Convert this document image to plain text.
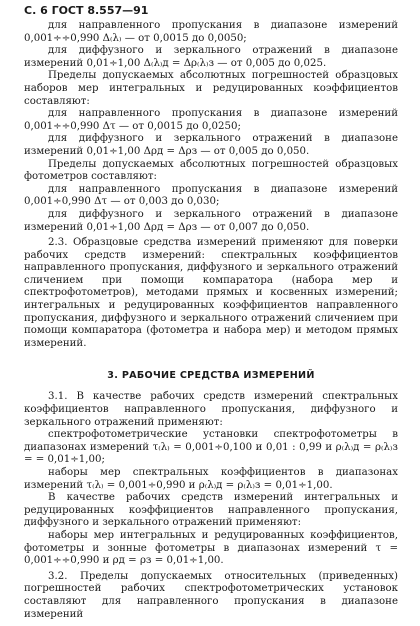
С. 6 ГОСТ 8.557—91

для направленного пропускания в диапазоне измерений 0,001÷÷0,990 Δ₍λ₎ — от 0,0015 до 0,0050;

для диффузного и зеркального отражений в диапазоне измерений 0,01÷1,00 Δ₍λ₎д = Δρ₍λ₎з — от 0,005 до 0,025.

Пределы допускаемых абсолютных погрешностей образцовых наборов мер интегральных и редуцированных коэффициентов составляют:

для направленного пропускания в диапазоне измерений 0,001÷÷0,990 Δτ — от 0,0015 до 0,0250;

для диффузного и зеркального отражений в диапазоне измерений 0,01÷1,00 Δρд = Δρз — от 0,005 до 0,050.

Пределы допускаемых абсолютных погрешностей образцовых фотометров составляют:

для направленного пропускания в диапазоне измерений 0,001÷0,990 Δτ — от 0,003 до 0,030;

для диффузного и зеркального отражений в диапазоне измерений 0,01÷1,00 Δρд = Δρз — от 0,007 до 0,050.

2.3. Образцовые средства измерений применяют для поверки рабочих средств измерений: спектральных коэффициентов направленного пропускания, диффузного и зеркального отражений сличением при помощи компаратора (набора мер и спектрофотометров), методами прямых и косвенных измерений; интегральных и редуцированных коэффициентов направленного пропускания, диффузного и зеркального отражений сличением при помощи компаратора (фотометра и набора мер) и методом прямых измерений.

3. РАБОЧИЕ СРЕДСТВА ИЗМЕРЕНИЙ

3.1. В качестве рабочих средств измерений спектральных коэффициентов направленного пропускания, диффузного и зеркального отражений применяют:

спектрофотометрические установки спектрофотометры в диапазонах измерений τ₍λ₎ = 0,001÷0,100 и 0,01 : 0,99 и ρ₍λ₎д = ρ₍λ₎з = = 0,01÷1,00;

наборы мер спектральных коэффициентов в диапазонах измерений τ₍λ₎ = 0,001÷0,990 и ρ₍λ₎д = ρ₍λ₎з = 0,01÷1,00.

В качестве рабочих средств измерений интегральных и редуцированных коэффициентов направленного пропускания, диффузного и зеркального отражений применяют:

наборы мер интегральных и редуцированных коэффициентов, фотометры и зонные фотометры в диапазонах измерений τ = 0,001÷÷0,990 и ρд = ρз = 0,01÷1,00.

3.2. Пределы допускаемых относительных (приведенных) погрешностей рабочих спектрофотометрических установок составляют для направленного пропускания в диапазоне измерений
